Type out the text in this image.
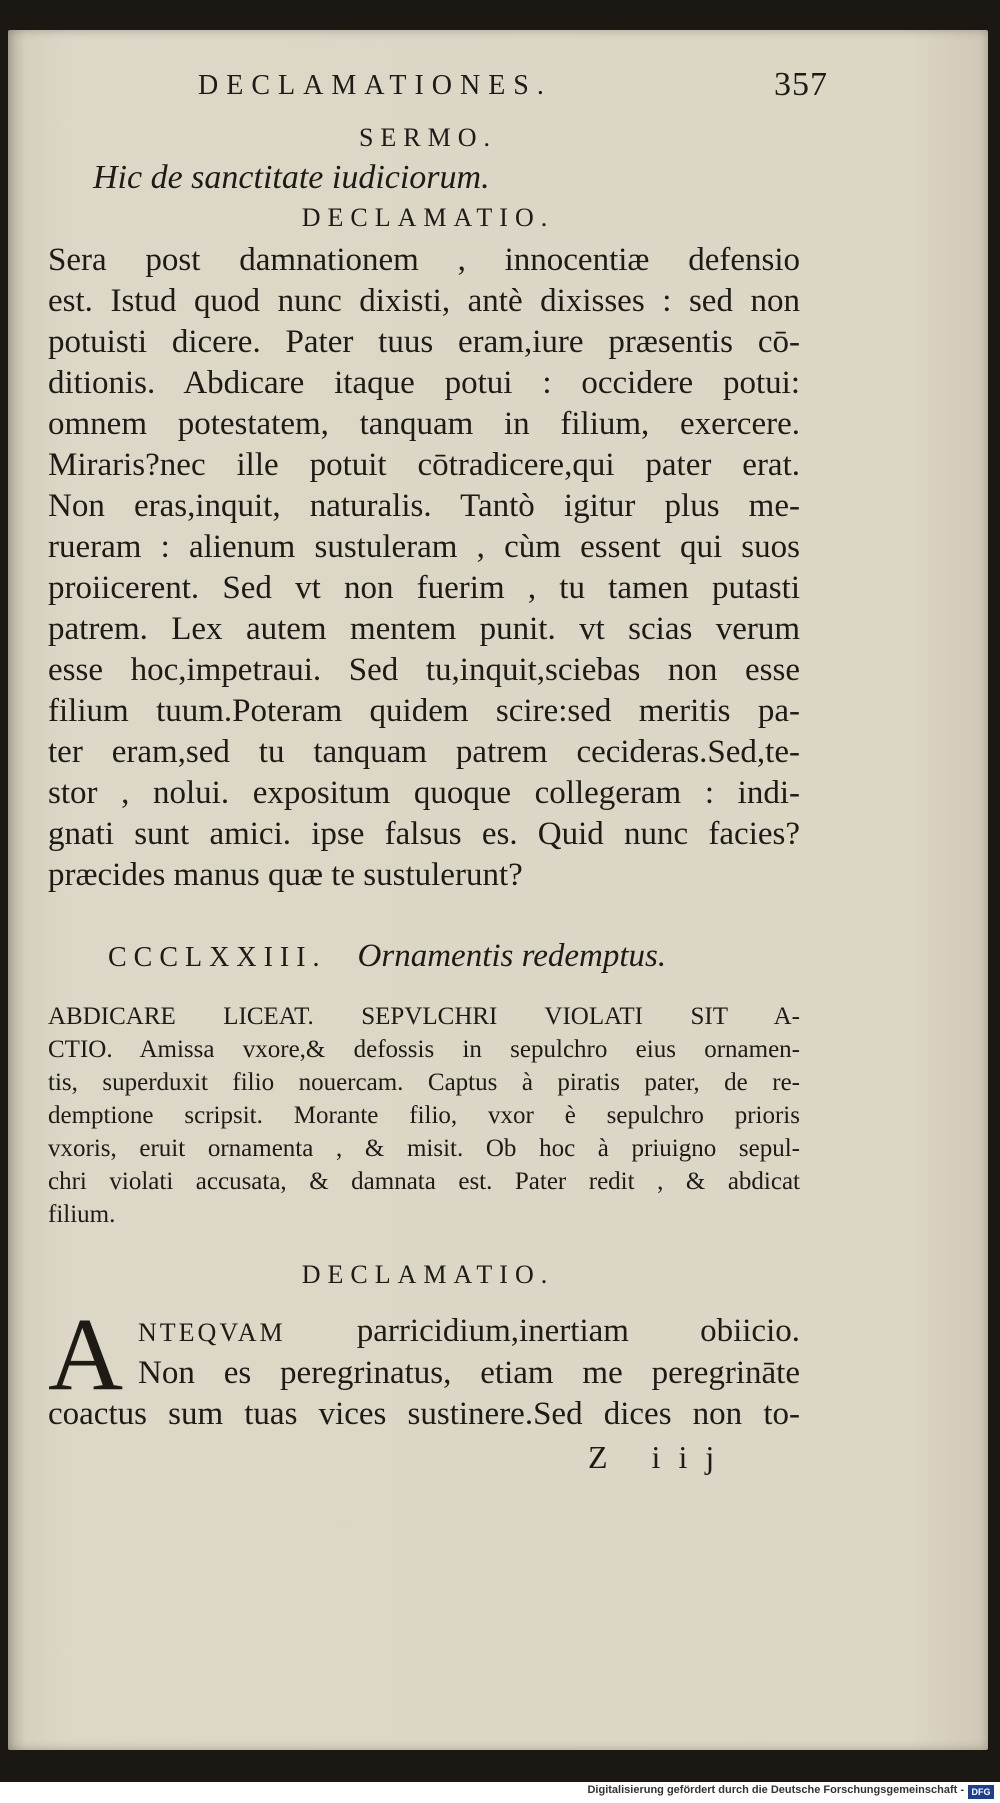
DECLAMATIONES.	357
SERMO.
Hic de sanctitate iudiciorum.
DECLAMATIO.
Sera post damnationem , innocentiæ defensio
est. Istud quod nunc dixisti, antè dixisses : sed non
potuisti dicere. Pater tuus eram,iure præsentis cō-
ditionis. Abdicare itaque potui : occidere potui:
omnem potestatem, tanquam in filium, exercere.
Miraris?nec ille potuit cōtradicere,qui pater erat.
Non eras,inquit, naturalis. Tantò igitur plus me-
rueram : alienum sustuleram , cùm essent qui suos
proiicerent. Sed vt non fuerim , tu tamen putasti
patrem. Lex autem mentem punit. vt scias verum
esse hoc,impetraui. Sed tu,inquit,sciebas non esse
filium tuum.Poteram quidem scire:sed meritis pa-
ter eram,sed tu tanquam patrem cecideras.Sed,te-
stor , nolui. expositum quoque collegeram : indi-
gnati sunt amici. ipse falsus es. Quid nunc facies?
præcides manus quæ te sustulerunt?
CCCLXXIII. Ornamentis redemptus.
ABDICARE LICEAT. SEPVLCHRI VIOLATI SIT A-
CTIO. Amissa vxore,& defossis in sepulchro eius ornamen-
tis, superduxit filio nouercam. Captus à piratis pater, de re-
demptione scripsit. Morante filio, vxor è sepulchro prioris
vxoris, eruit ornamenta , & misit. Ob hoc à priuigno sepul-
chri violati accusata, & damnata est. Pater redit , & abdicat
filium.
DECLAMATIO.
A NTEQVAM parricidium,inertiam obiicio.
Non es peregrinatus, etiam me peregrināte
coactus sum tuas vices sustinere.Sed dices non to-
Z iij
Digitalisierung gefördert durch die Deutsche Forschungsgemeinschaft - DFG
